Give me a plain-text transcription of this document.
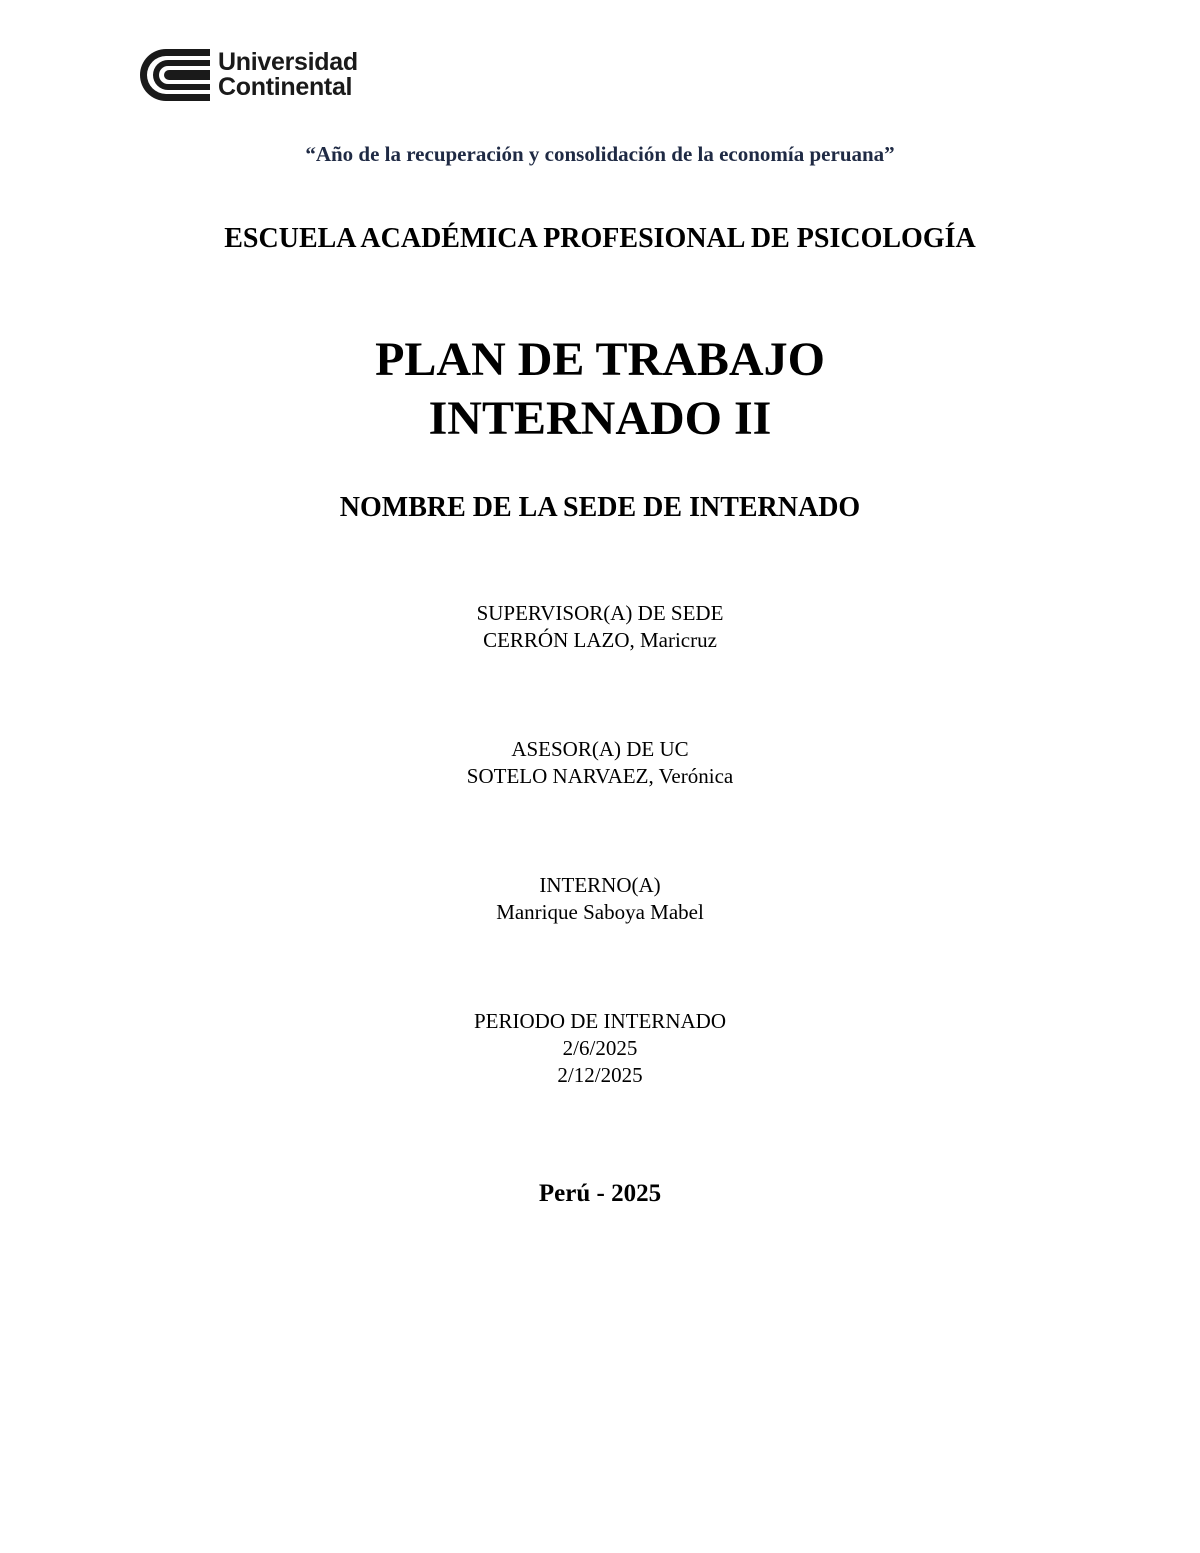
Universidad
Continental
“Año de la recuperación y consolidación de la economía peruana”
ESCUELA ACADÉMICA PROFESIONAL DE PSICOLOGÍA
PLAN DE TRABAJO
INTERNADO II
NOMBRE DE LA SEDE DE INTERNADO
SUPERVISOR(A) DE SEDE
CERRÓN LAZO, Maricruz
ASESOR(A) DE UC
SOTELO NARVAEZ, Verónica
INTERNO(A)
Manrique Saboya Mabel
PERIODO DE INTERNADO
2/6/2025
2/12/2025
Perú - 2025
